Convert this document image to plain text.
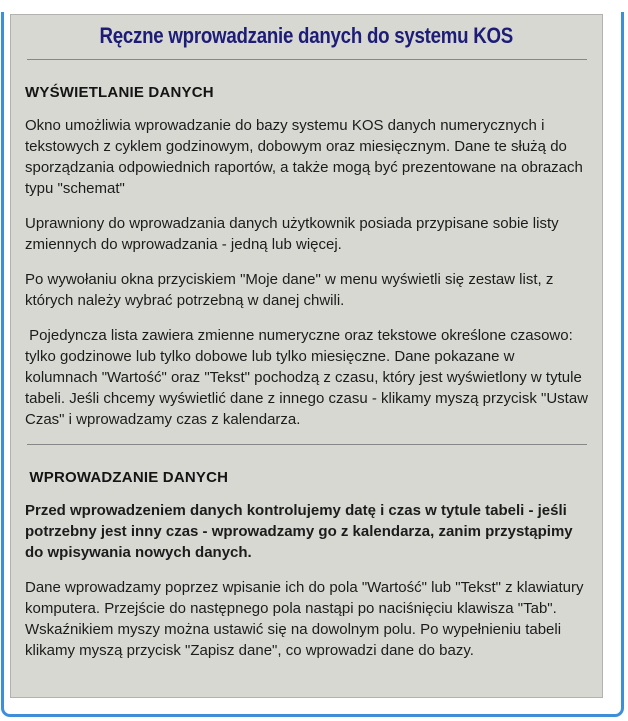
Ręczne wprowadzanie danych do systemu KOS
WYŚWIETLANIE DANYCH

Okno umożliwia wprowadzanie do bazy systemu KOS danych numerycznych i tekstowych z cyklem godzinowym, dobowym oraz miesięcznym. Dane te służą do sporządzania odpowiednich raportów, a także mogą być prezentowane na obrazach typu "schemat"

Uprawniony do wprowadzania danych użytkownik posiada przypisane sobie listy zmiennych do wprowadzania - jedną lub więcej.

Po wywołaniu okna przyciskiem "Moje dane" w menu wyświetli się zestaw list, z których należy wybrać potrzebną w danej chwili.

Pojedyncza lista zawiera zmienne numeryczne oraz tekstowe określone czasowo: tylko godzinowe lub tylko dobowe lub tylko miesięczne. Dane pokazane w kolumnach "Wartość" oraz "Tekst" pochodzą z czasu, który jest wyświetlony w tytule tabeli. Jeśli chcemy wyświetlić dane z innego czasu - klikamy myszą przycisk "Ustaw Czas" i wprowadzamy czas z kalendarza.

WPROWADZANIE DANYCH

Przed wprowadzeniem danych kontrolujemy datę i czas w tytule tabeli - jeśli potrzebny jest inny czas - wprowadzamy go z kalendarza, zanim przystąpimy do wpisywania nowych danych.

Dane wprowadzamy poprzez wpisanie ich do pola "Wartość" lub "Tekst" z klawiatury komputera. Przejście do następnego pola nastąpi po naciśnięciu klawisza "Tab". Wskaźnikiem myszy można ustawić się na dowolnym polu. Po wypełnieniu tabeli klikamy myszą przycisk "Zapisz dane", co wprowadzi dane do bazy.
